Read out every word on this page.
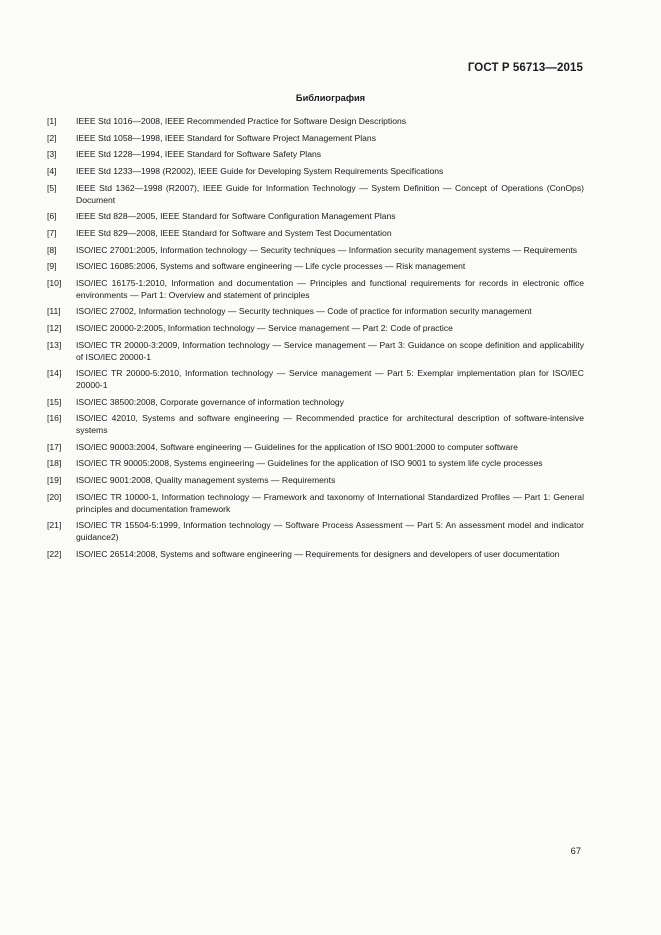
ГОСТ Р 56713—2015
Библиография
[1]	IEEE Std 1016—2008, IEEE Recommended Practice for Software Design Descriptions
[2]	IEEE Std 1058—1998, IEEE Standard for Software Project Management Plans
[3]	IEEE Std 1228—1994, IEEE Standard for Software Safety Plans
[4]	IEEE Std 1233—1998 (R2002), IEEE Guide for Developing System Requirements Specifications
[5]	IEEE Std 1362—1998 (R2007), IEEE Guide for Information Technology — System Definition — Concept of Operations (ConOps) Document
[6]	IEEE Std 828—2005, IEEE Standard for Software Configuration Management Plans
[7]	IEEE Std 829—2008, IEEE Standard for Software and System Test Documentation
[8]	ISO/IEC 27001:2005, Information technology — Security techniques — Information security management systems — Requirements
[9]	ISO/IEC 16085:2006, Systems and software engineering — Life cycle processes — Risk management
[10]	ISO/IEC 16175-1:2010, Information and documentation — Principles and functional requirements for records in electronic office environments — Part 1: Overview and statement of principles
[11]	ISO/IEC 27002, Information technology — Security techniques — Code of practice for information security management
[12]	ISO/IEC 20000-2:2005, Information technology — Service management — Part 2: Code of practice
[13]	ISO/IEC TR 20000-3:2009, Information technology — Service management — Part 3: Guidance on scope definition and applicability of ISO/IEC 20000-1
[14]	ISO/IEC TR 20000-5:2010, Information technology — Service management — Part 5: Exemplar implementation plan for ISO/IEC 20000-1
[15]	ISO/IEC 38500:2008, Corporate governance of information technology
[16]	ISO/IEC 42010, Systems and software engineering — Recommended practice for architectural description of software-intensive systems
[17]	ISO/IEC 90003:2004, Software engineering — Guidelines for the application of ISO 9001:2000 to computer software
[18]	ISO/IEC TR 90005:2008, Systems engineering — Guidelines for the application of ISO 9001 to system life cycle processes
[19]	ISO/IEC 9001:2008, Quality management systems — Requirements
[20]	ISO/IEC TR 10000-1, Information technology — Framework and taxonomy of International Standardized Profiles — Part 1: General principles and documentation framework
[21]	ISO/IEC TR 15504-5:1999, Information technology — Software Process Assessment — Part 5: An assessment model and indicator guidance2)
[22]	ISO/IEC 26514:2008, Systems and software engineering — Requirements for designers and developers of user documentation
67
